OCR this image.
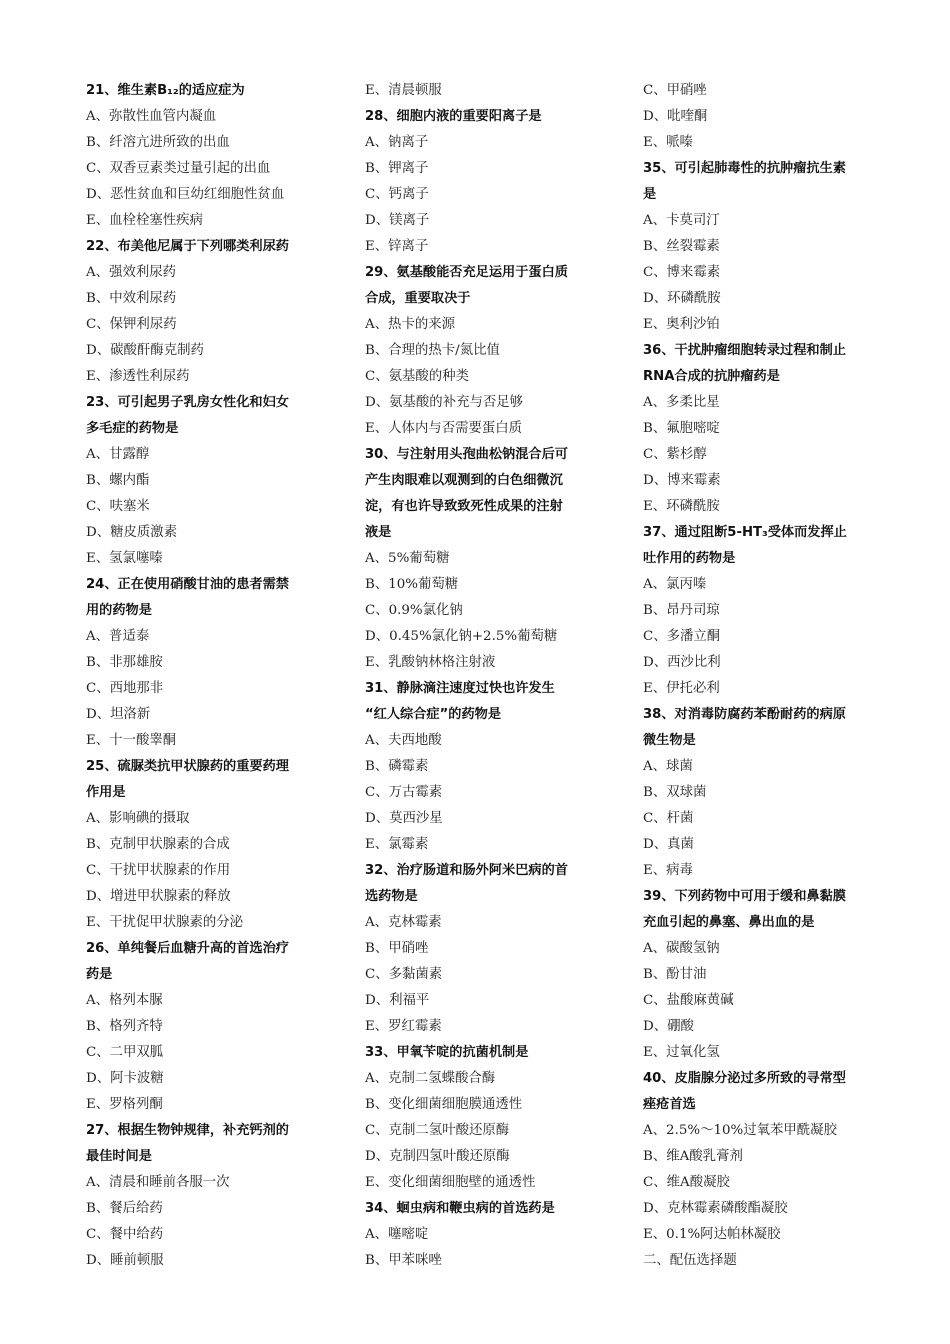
21、维生素B₁₂的适应症为
A、弥散性血管内凝血
B、纤溶亢进所致的出血
C、双香豆素类过量引起的出血
D、恶性贫血和巨幼红细胞性贫血
E、血栓栓塞性疾病
22、布美他尼属于下列哪类利尿药
A、强效利尿药
B、中效利尿药
C、保钾利尿药
D、碳酸酐酶克制药
E、渗透性利尿药
23、可引起男子乳房女性化和妇女
多毛症的药物是
A、甘露醇
B、螺内酯
C、呋塞米
D、糖皮质激素
E、氢氯噻嗪
24、正在使用硝酸甘油的患者需禁
用的药物是
A、普适泰
B、非那雄胺
C、西地那非
D、坦洛新
E、十一酸睾酮
25、硫脲类抗甲状腺药的重要药理
作用是
A、影响碘的摄取
B、克制甲状腺素的合成
C、干扰甲状腺素的作用
D、增进甲状腺素的释放
E、干扰促甲状腺素的分泌
26、单纯餐后血糖升高的首选治疗
药是
A、格列本脲
B、格列齐特
C、二甲双胍
D、阿卡波糖
E、罗格列酮
27、根据生物钟规律，补充钙剂的
最佳时间是
A、清晨和睡前各服一次
B、餐后给药
C、餐中给药
D、睡前顿服
E、清晨顿服
28、细胞内液的重要阳离子是
A、钠离子
B、钾离子
C、钙离子
D、镁离子
E、锌离子
29、氨基酸能否充足运用于蛋白质
合成，重要取决于
A、热卡的来源
B、合理的热卡/氮比值
C、氨基酸的种类
D、氨基酸的补充与否足够
E、人体内与否需要蛋白质
30、与注射用头孢曲松钠混合后可
产生肉眼难以观测到的白色细微沉
淀，有也许导致致死性成果的注射
液是
A、5%葡萄糖
B、10%葡萄糖
C、0.9%氯化钠
D、0.45%氯化钠+2.5%葡萄糖
E、乳酸钠林格注射液
31、静脉滴注速度过快也许发生
“红人综合症”的药物是
A、夫西地酸
B、磷霉素
C、万古霉素
D、莫西沙星
E、氯霉素
32、治疗肠道和肠外阿米巴病的首
选药物是
A、克林霉素
B、甲硝唑
C、多黏菌素
D、利福平
E、罗红霉素
33、甲氧苄啶的抗菌机制是
A、克制二氢蝶酸合酶
B、变化细菌细胞膜通透性
C、克制二氢叶酸还原酶
D、克制四氢叶酸还原酶
E、变化细菌细胞壁的通透性
34、蛔虫病和鞭虫病的首选药是
A、噻嘧啶
B、甲苯咪唑
C、甲硝唑
D、吡喹酮
E、哌嗪
35、可引起肺毒性的抗肿瘤抗生素
是
A、卡莫司汀
B、丝裂霉素
C、博来霉素
D、环磷酰胺
E、奥利沙铂
36、干扰肿瘤细胞转录过程和制止
RNA合成的抗肿瘤药是
A、多柔比星
B、氟胞嘧啶
C、紫杉醇
D、博来霉素
E、环磷酰胺
37、通过阻断5-HT₃受体而发挥止
吐作用的药物是
A、氯丙嗪
B、昂丹司琼
C、多潘立酮
D、西沙比利
E、伊托必利
38、对消毒防腐药苯酚耐药的病原
微生物是
A、球菌
B、双球菌
C、杆菌
D、真菌
E、病毒
39、下列药物中可用于缓和鼻黏膜
充血引起的鼻塞、鼻出血的是
A、碳酸氢钠
B、酚甘油
C、盐酸麻黄碱
D、硼酸
E、过氧化氢
40、皮脂腺分泌过多所致的寻常型
痤疮首选
A、2.5%～10%过氧苯甲酰凝胶
B、维A酸乳膏剂
C、维A酸凝胶
D、克林霉素磷酸酯凝胶
E、0.1%阿达帕林凝胶
二、配伍选择题
